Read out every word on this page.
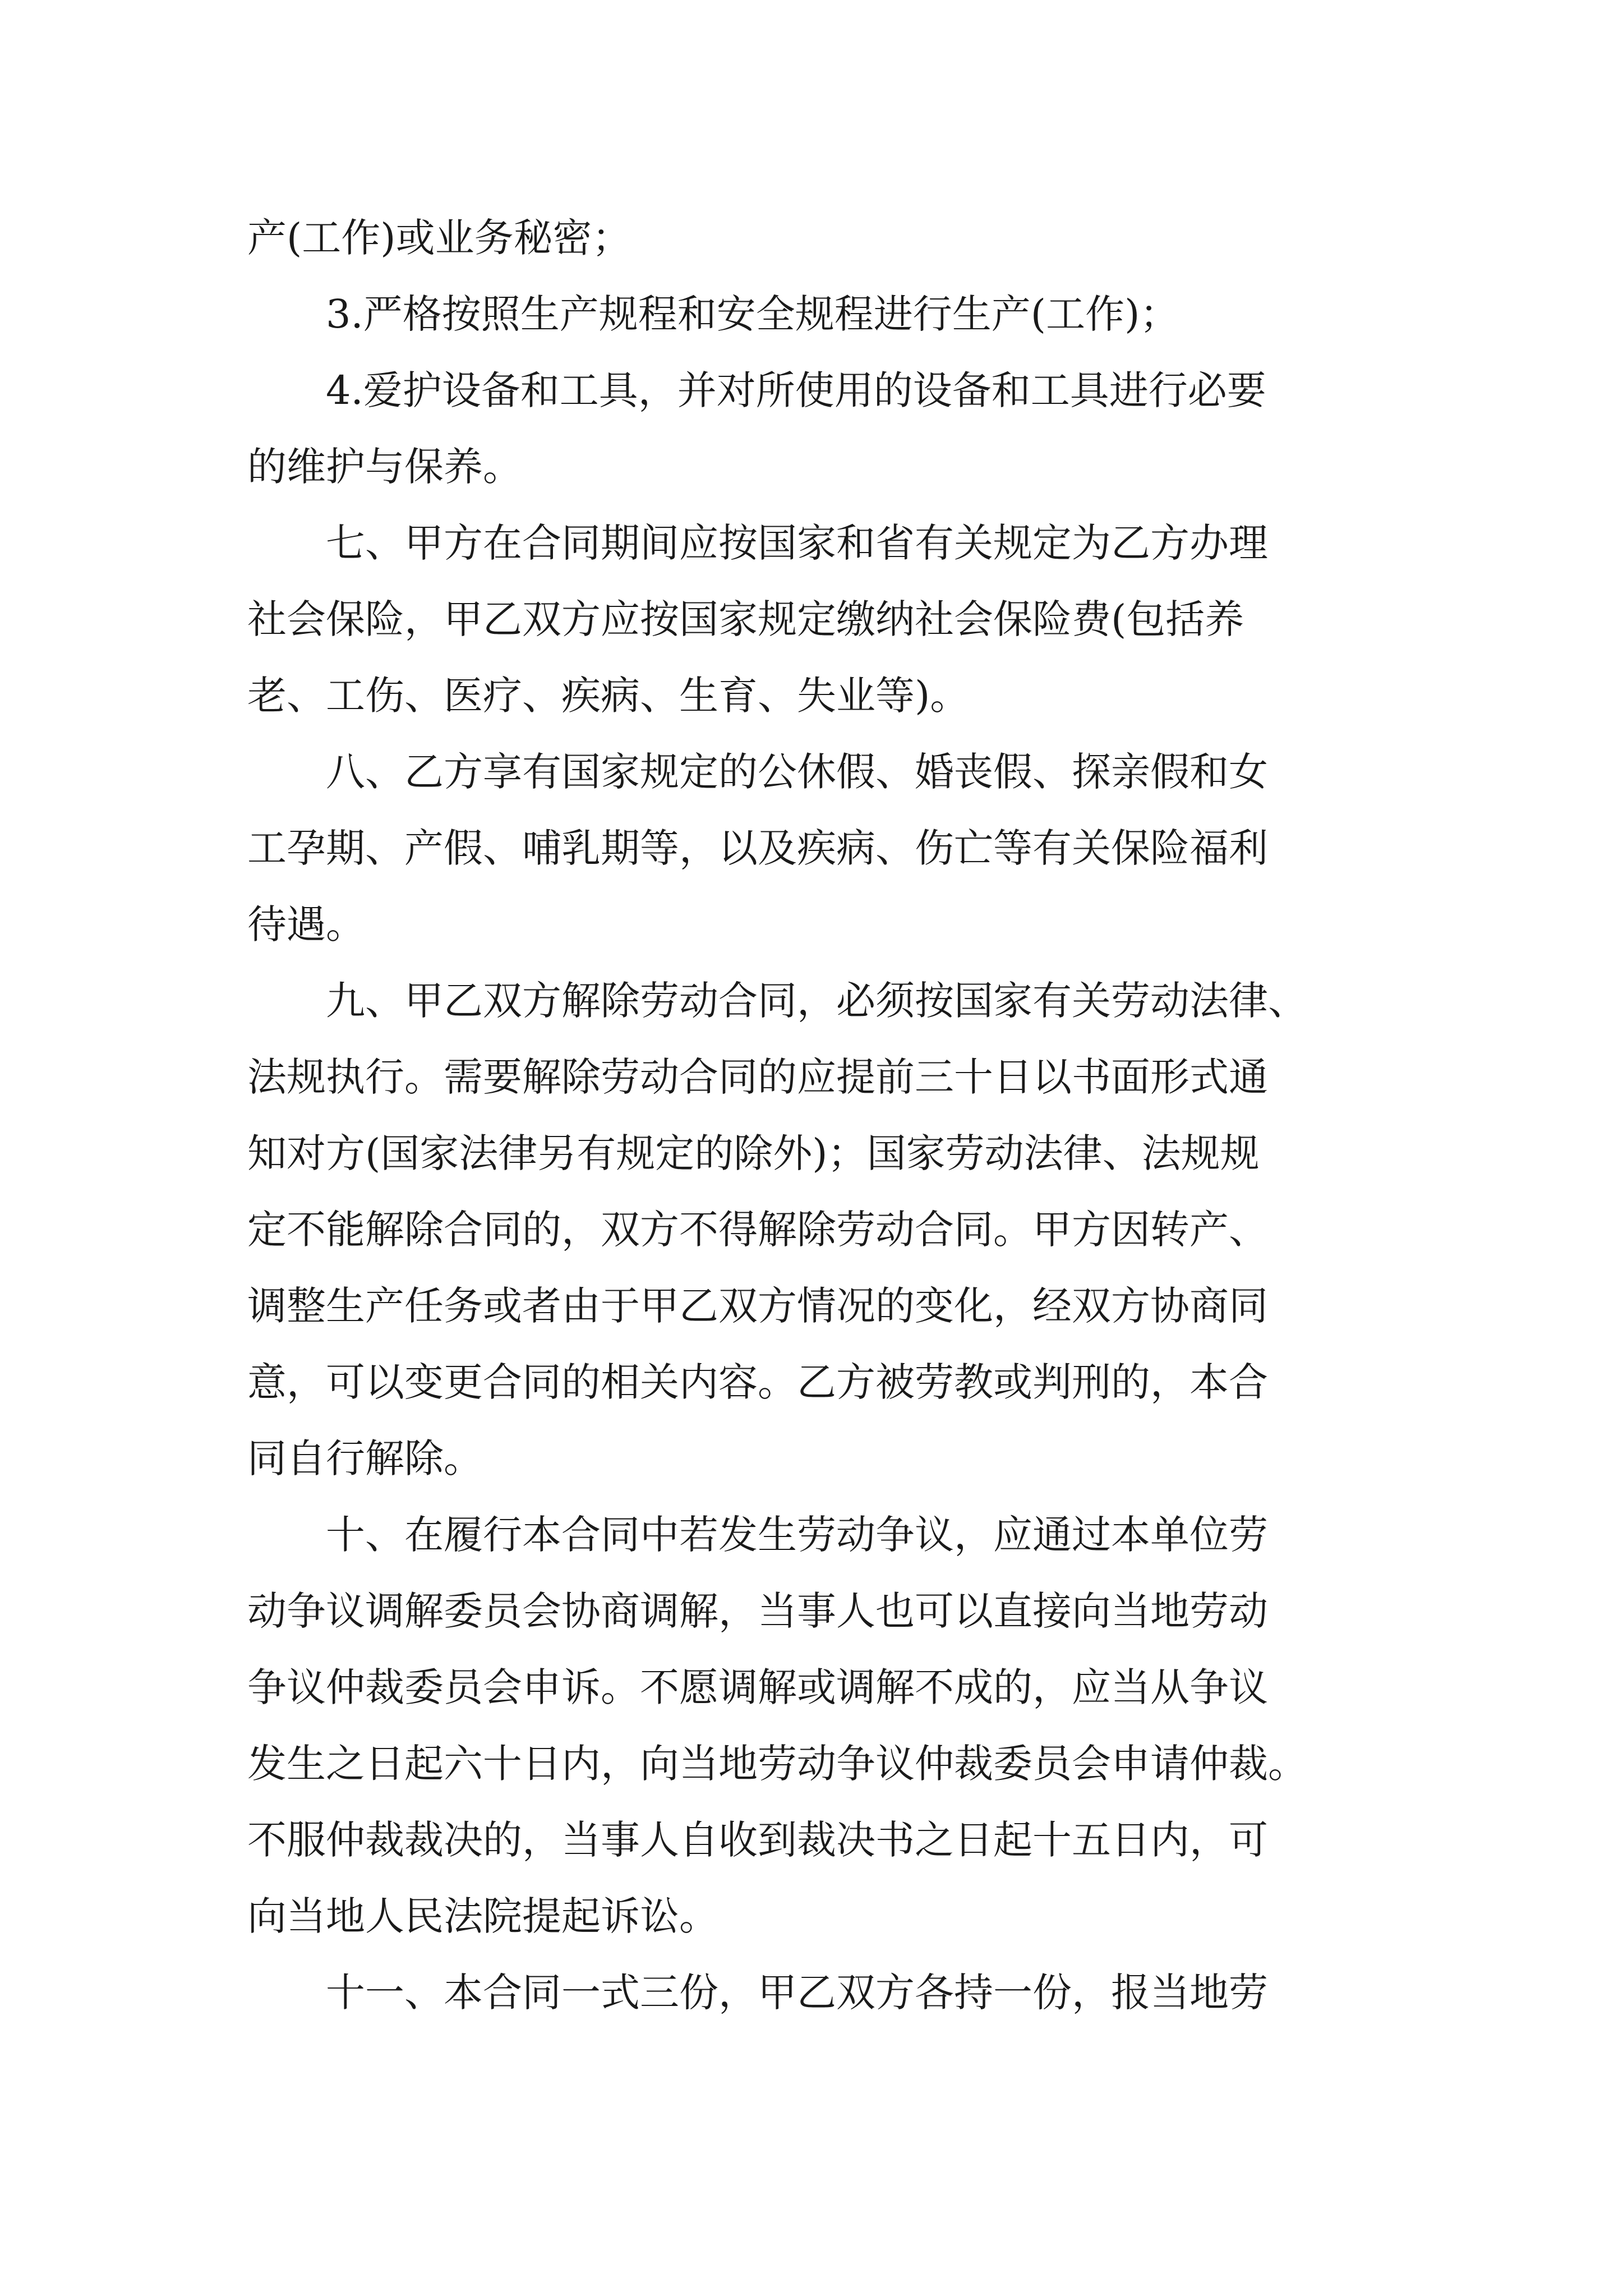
产(工作)或业务秘密；
　　3.严格按照生产规程和安全规程进行生产(工作)；
　　4.爱护设备和工具，并对所使用的设备和工具进行必要
的维护与保养。
　　七、甲方在合同期间应按国家和省有关规定为乙方办理
社会保险，甲乙双方应按国家规定缴纳社会保险费(包括养
老、工伤、医疗、疾病、生育、失业等)。
　　八、乙方享有国家规定的公休假、婚丧假、探亲假和女
工孕期、产假、哺乳期等，以及疾病、伤亡等有关保险福利
待遇。
　　九、甲乙双方解除劳动合同，必须按国家有关劳动法律、
法规执行。需要解除劳动合同的应提前三十日以书面形式通
知对方(国家法律另有规定的除外)；国家劳动法律、法规规
定不能解除合同的，双方不得解除劳动合同。甲方因转产、
调整生产任务或者由于甲乙双方情况的变化，经双方协商同
意，可以变更合同的相关内容。乙方被劳教或判刑的，本合
同自行解除。
　　十、在履行本合同中若发生劳动争议，应通过本单位劳
动争议调解委员会协商调解，当事人也可以直接向当地劳动
争议仲裁委员会申诉。不愿调解或调解不成的，应当从争议
发生之日起六十日内，向当地劳动争议仲裁委员会申请仲裁。
不服仲裁裁决的，当事人自收到裁决书之日起十五日内，可
向当地人民法院提起诉讼。
　　十一、本合同一式三份，甲乙双方各持一份，报当地劳
